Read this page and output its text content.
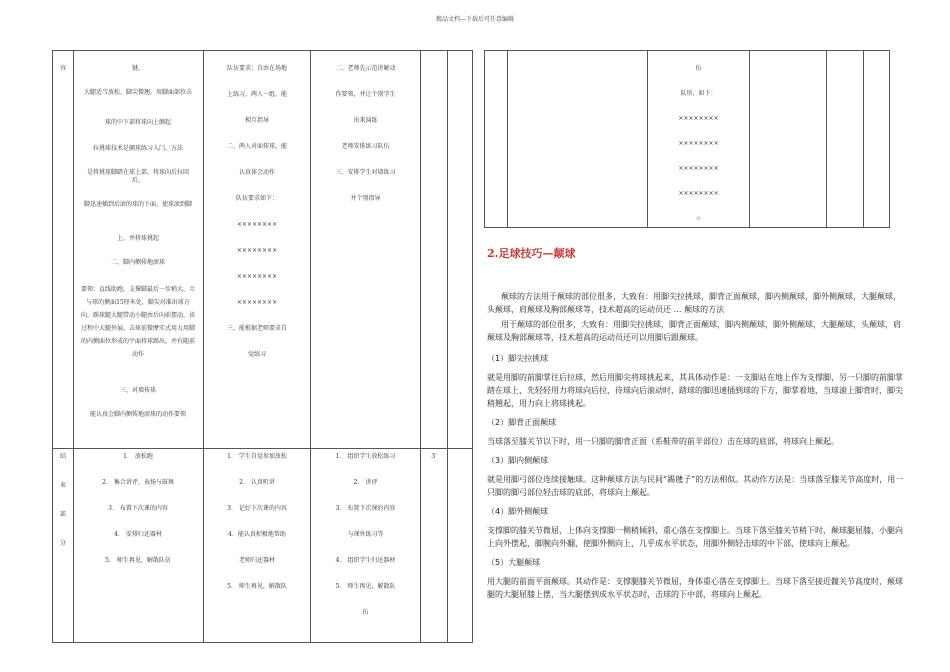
精品文档---下载后可任意编辑

容	键。

大腿适当放松，脚尖微翘，用脚面部位击

球的中下部将球向上颠起

拉挑球技术是颠球练习入门，方法

是将挑球脚踏在球上部，将球向后拉回后，

脚迅速插到后滚的球的下面，使球滚到脚

上，并将球挑起

二、脚内侧传地滚球

要领：直线助跑，支撑脚最后一步稍大，立与球的侧面15厘米处，脚尖对准出球方向，踢球腿大腿带动小腿由后向前摆动，该过程中大腿外展，击球前微摩实式用力用脚的内侧面位形成的平面将球踢出，并有随前动作

三、对墙传球

能认真会脚内侧传地滚球的动作要领

队伍要求：自由在场地

上练习，两人一组，能

相互指导

二、两人对面传球，能

认真体会动作

队伍要求如下：

××××××××

××××××××

××××××××

××××××××

三、能根据老师要求自

觉练习

二、老师先示范讲解动

作要领，并让个别学生

出来演练

老师安排练习队伍

三、安排学生对墙练习

并个别指导

结

束

部

分

1． 放松跑

2． 集合讲评、表扬与鼓舞

3． 布置下次课的内容

4． 安排归还器材

5． 师生再见，解散队伍

1． 学生自觉参加放松

2． 认真听讲

3． 记好下次课的内容

4．能认真积极地帮助

老师归还器材

5． 师生再见，解散队

1． 组织学生放松练习

2． 讲评

3． 布置下次课的内容

与课外练习等

4． 组织学生归还器材

5． 师生再见，解散队

伍

3'

伍

队形，如下：

××××××××

××××××××

××××××××

××××××××

☆

2.足球技巧—颠球

颠球的方法用于颠球的部位很多，大致有：用脚尖拉挑球，脚背正面颠球，脚内侧颠球，脚外侧颠球，大腿颠球，头颠球，肩颠球及胸部颠球等，技术超高的运动员还 … 颠球的方法

用于颠球的部位很多，大致有：用脚尖拉挑球，脚背正面颠球，脚内侧颠球，脚外侧颠球，大腿颠球，头颠球，肩颠球及胸部颠球等，技术超高的运动员还可以用脚后跟颠球。

（1）脚尖拉挑球

就是用脚的前脚掌往后拉球，然后用脚尖将球挑起来，其具体动作是：一支脚站在地上作为支撑脚，另一只脚的前脚掌踏在球上，先轻轻用力将球向后拉，待球向后滚动时，踏球的脚迅速插到球的下方，脚掌着地，当球滚上脚背时，脚尖稍翘起，用力向上将球挑起。

（2）脚背正面颠球

当球落至膝关节以下时，用一只脚的脚背正面（系鞋带的前半部位）击在球的底部，将球向上颠起。

（3）脚内侧颠球

就是用脚弓部位连续接触球。这种颠球方法与民间“踢毽子”的方法相似。其动作方法是：当球落至膝关节高度时，用一只脚的脚弓部位轻击球的底部，将球向上颠起。

（4）脚外侧颠球

支撑脚的膝关节微屈，上体向支撑脚一侧稍倾斜，重心落在支撑脚上。当球下落至膝关节稍下时，颠球腿屈膝，小腿向上向外摆起，脚腕向外翻，使脚外侧向上，几乎成水平状态，用脚外侧轻击球的中下部，使球向上颠起。

（5）大腿颠球

用大腿的前面平面颠球。其动作是：支撑腿膝关节微屈，身体重心落在支撑脚上。当球下落至接近髋关节高度时，颠球腿的大腿屈膝上摆，当大腿摆到成水平状态时，击球的下中部，将球向上颠起。
